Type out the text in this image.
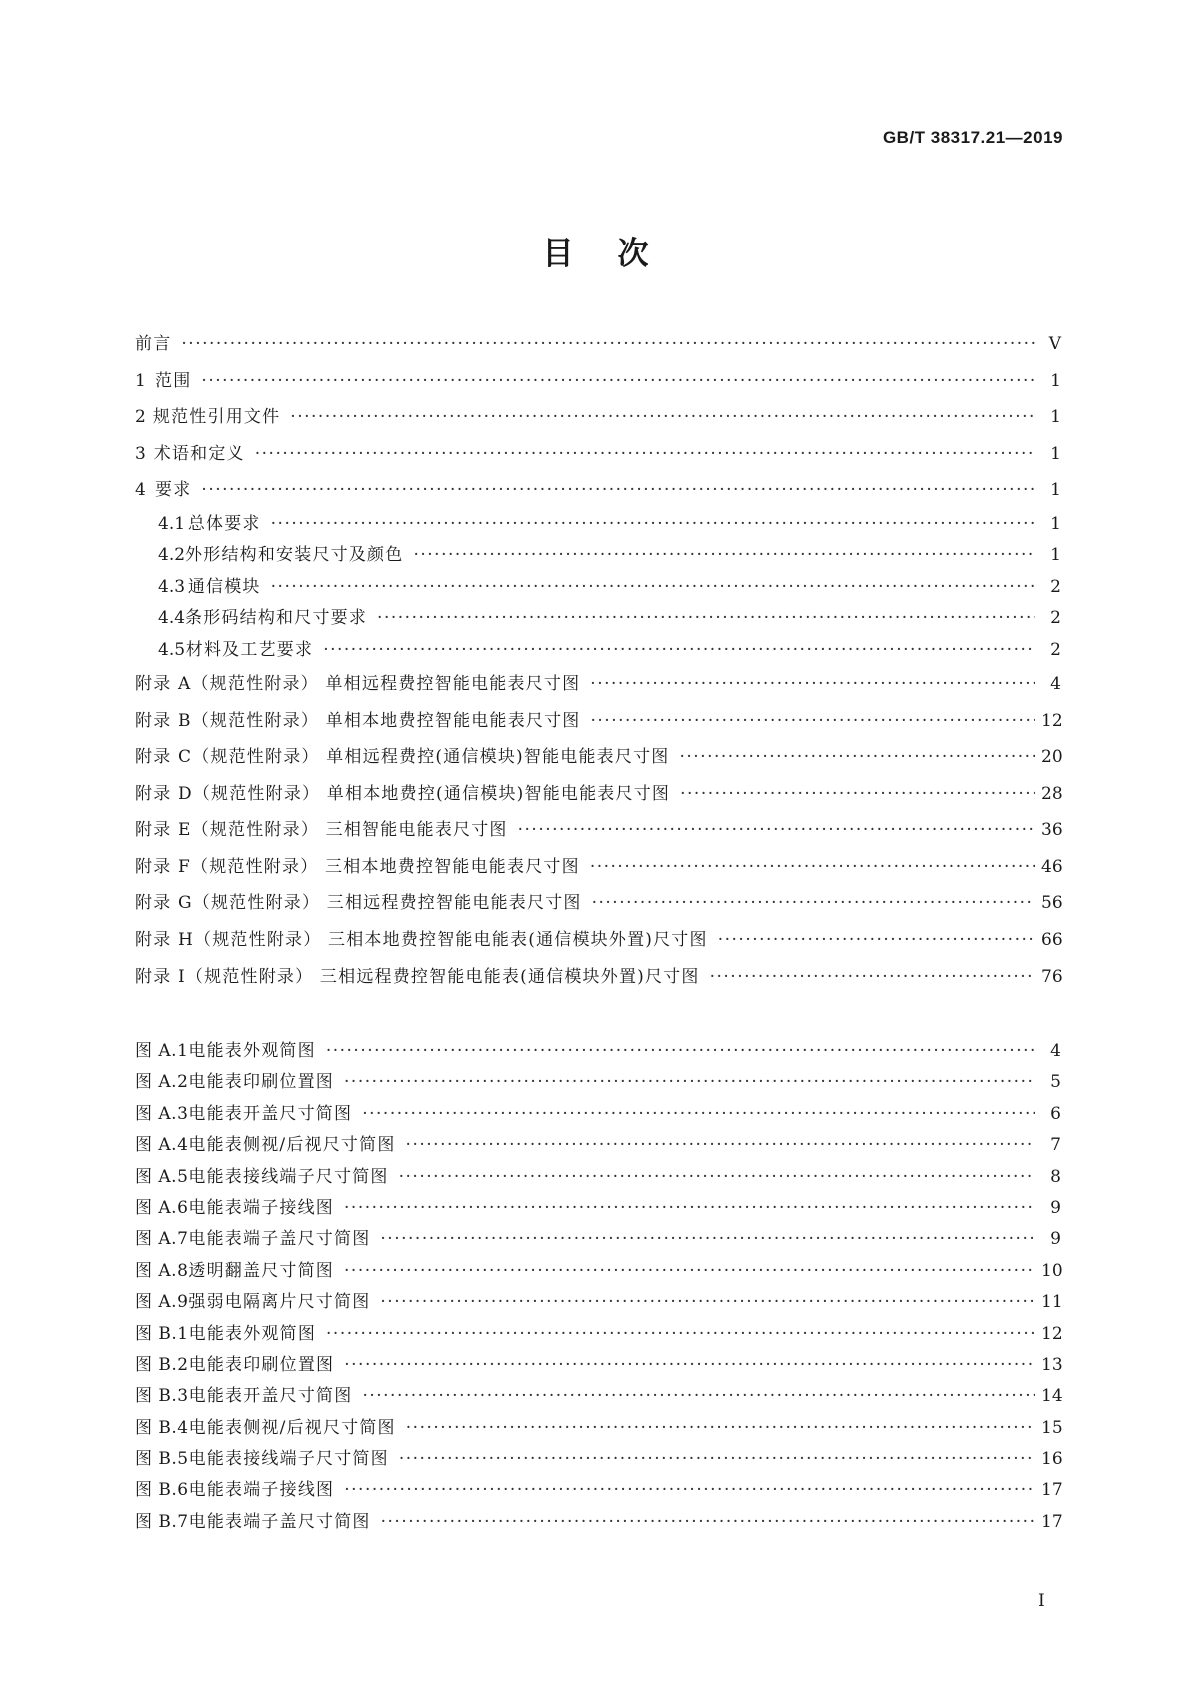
GB/T 38317.21—2019
目次
前言 ·····	V
1 范围 ·····	1
2 规范性引用文件 ·····	1
3 术语和定义 ·····	1
4 要求 ·····	1
4.1 总体要求 ·····	1
4.2 外形结构和安装尺寸及颜色 ·····	1
4.3 通信模块 ·····	2
4.4 条形码结构和尺寸要求 ·····	2
4.5 材料及工艺要求 ·····	2
附录 A（规范性附录） 单相远程费控智能电能表尺寸图 ·····	4
附录 B（规范性附录） 单相本地费控智能电能表尺寸图 ·····	12
附录 C（规范性附录） 单相远程费控(通信模块)智能电能表尺寸图 ·····	20
附录 D（规范性附录） 单相本地费控(通信模块)智能电能表尺寸图 ·····	28
附录 E（规范性附录） 三相智能电能表尺寸图 ·····	36
附录 F（规范性附录） 三相本地费控智能电能表尺寸图 ·····	46
附录 G（规范性附录） 三相远程费控智能电能表尺寸图 ·····	56
附录 H（规范性附录） 三相本地费控智能电能表(通信模块外置)尺寸图 ·····	66
附录 I（规范性附录） 三相远程费控智能电能表(通信模块外置)尺寸图 ·····	76
图 A.1 电能表外观简图 ·····	4
图 A.2 电能表印刷位置图 ·····	5
图 A.3 电能表开盖尺寸简图 ·····	6
图 A.4 电能表侧视/后视尺寸简图 ·····	7
图 A.5 电能表接线端子尺寸简图 ·····	8
图 A.6 电能表端子接线图 ·····	9
图 A.7 电能表端子盖尺寸简图 ·····	9
图 A.8 透明翻盖尺寸简图 ·····	10
图 A.9 强弱电隔离片尺寸简图 ·····	11
图 B.1 电能表外观简图 ·····	12
图 B.2 电能表印刷位置图 ·····	13
图 B.3 电能表开盖尺寸简图 ·····	14
图 B.4 电能表侧视/后视尺寸简图 ·····	15
图 B.5 电能表接线端子尺寸简图 ·····	16
图 B.6 电能表端子接线图 ·····	17
图 B.7 电能表端子盖尺寸简图 ·····	17
I
